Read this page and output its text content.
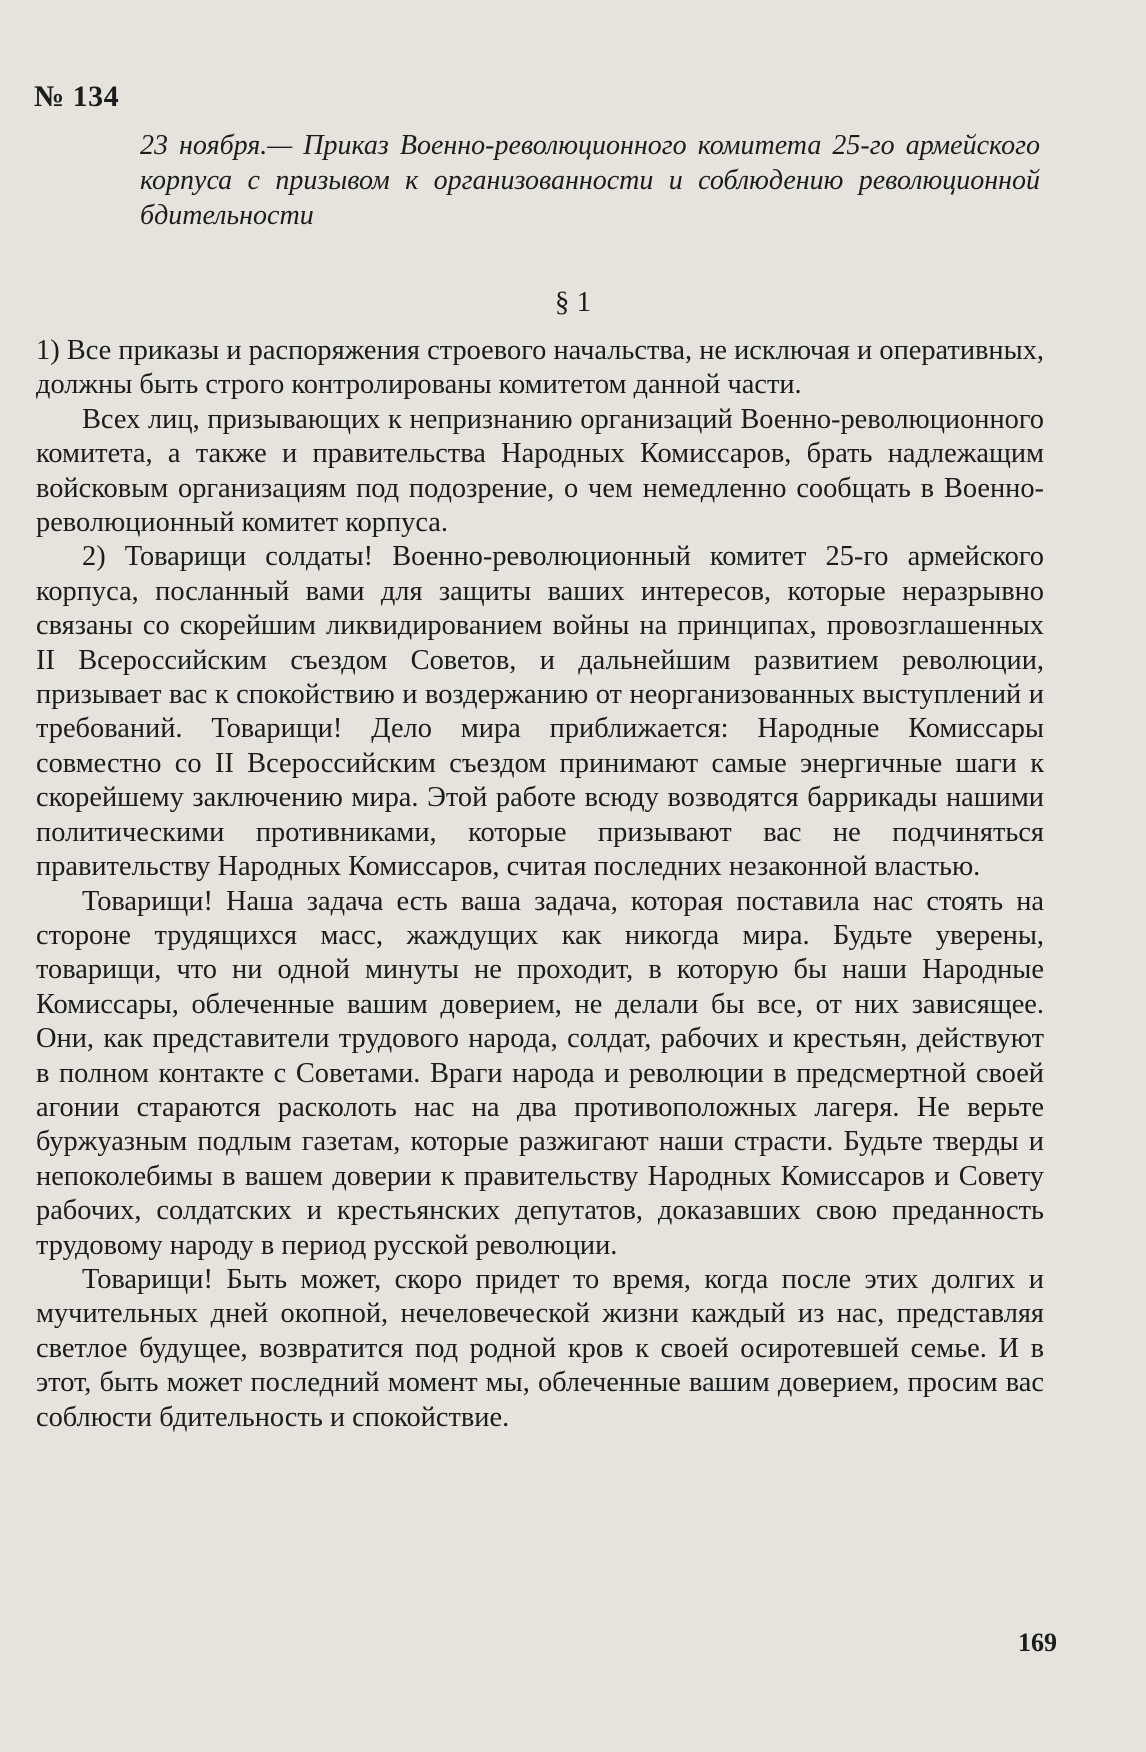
№ 134
23 ноября.— Приказ Военно-революционного комитета 25-го армейского корпуса с призывом к организованности и соблюдению революционной бдительности
§ 1

1) Все приказы и распоряжения строевого начальства, не исключая и оперативных, должны быть строго контролированы комитетом данной части.

Всех лиц, призывающих к непризнанию организаций Военно-революционного комитета, а также и правительства Народных Комиссаров, брать надлежащим войсковым организациям под подозрение, о чем немедленно сообщать в Военно-революционный комитет корпуса.

2) Товарищи солдаты! Военно-революционный комитет 25-го армейского корпуса, посланный вами для защиты ваших интересов, которые неразрывно связаны со скорейшим ликвидированием войны на принципах, провозглашенных II Всероссийским съездом Советов, и дальнейшим развитием революции, призывает вас к спокойствию и воздержанию от неорганизованных выступлений и требований. Товарищи! Дело мира приближается: Народные Комиссары совместно со II Всероссийским съездом принимают самые энергичные шаги к скорейшему заключению мира. Этой работе всюду возводятся баррикады нашими политическими противниками, которые призывают вас не подчиняться правительству Народных Комиссаров, считая последних незаконной властью.

Товарищи! Наша задача есть ваша задача, которая поставила нас стоять на стороне трудящихся масс, жаждущих как никогда мира. Будьте уверены, товарищи, что ни одной минуты не проходит, в которую бы наши Народные Комиссары, облеченные вашим доверием, не делали бы все, от них зависящее. Они, как представители трудового народа, солдат, рабочих и крестьян, действуют в полном контакте с Советами. Враги народа и революции в предсмертной своей агонии стараются расколоть нас на два противоположных лагеря. Не верьте буржуазным подлым газетам, которые разжигают наши страсти. Будьте тверды и непоколебимы в вашем доверии к правительству Народных Комиссаров и Совету рабочих, солдатских и крестьянских депутатов, доказавших свою преданность трудовому народу в период русской революции.

Товарищи! Быть может, скоро придет то время, когда после этих долгих и мучительных дней окопной, нечеловеческой жизни каждый из нас, представляя светлое будущее, возвратится под родной кров к своей осиротевшей семье. И в этот, быть может последний момент мы, облеченные вашим доверием, просим вас соблюсти бдительность и спокойствие.

169
